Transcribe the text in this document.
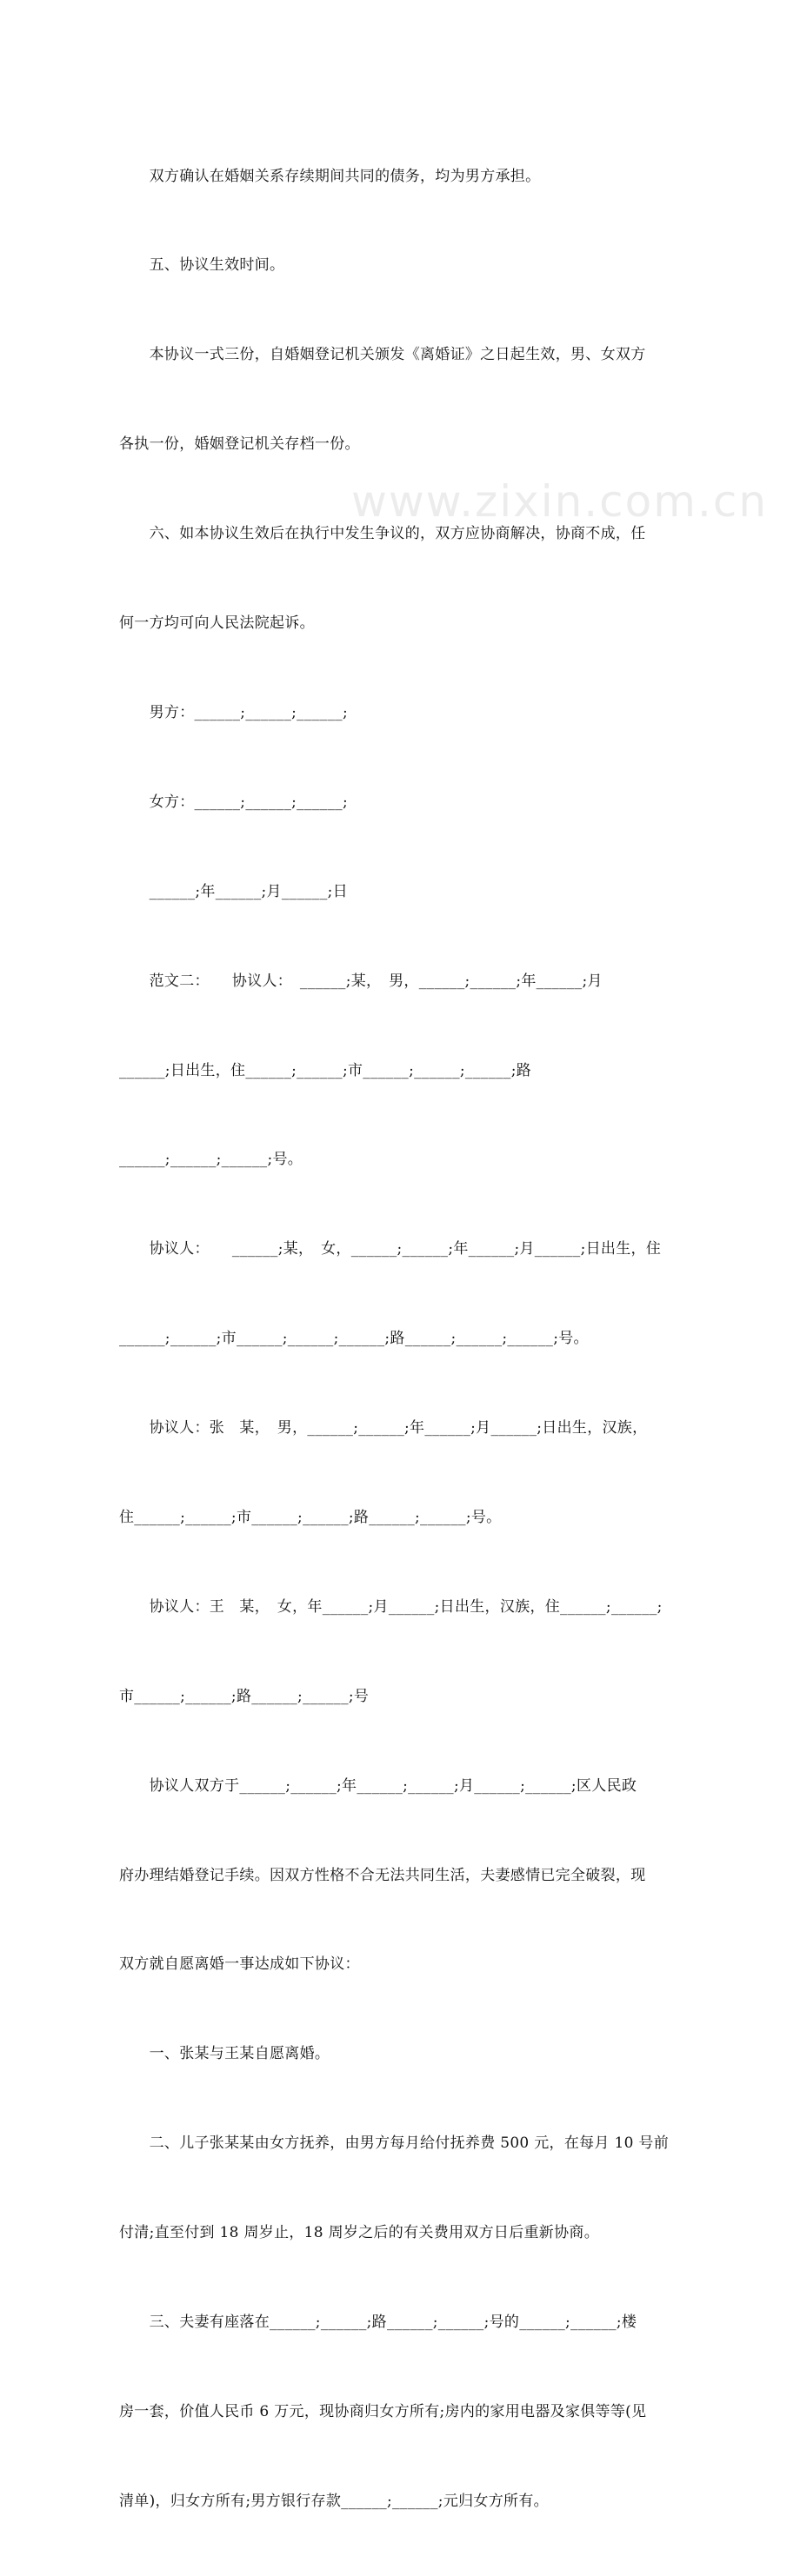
　　双方确认在婚姻关系存续期间共同的债务，均为男方承担。

　　五、协议生效时间。

　　本协议一式三份，自婚姻登记机关颁发《离婚证》之日起生效，男、女双方

各执一份，婚姻登记机关存档一份。

　　六、如本协议生效后在执行中发生争议的，双方应协商解决，协商不成，任

何一方均可向人民法院起诉。

　　男方：______;______;______;

　　女方：______;______;______;

　　______;年______;月______;日

　　范文二：　　协议人：　______;某，　男，______;______;年______;月

______;日出生，住______;______;市______;______;______;路

______;______;______;号。

　　协议人：　　______;某，　女，______;______;年______;月______;日出生，住

______;______;市______;______;______;路______;______;______;号。

　　协议人：张　某，　男，______;______;年______;月______;日出生，汉族，

住______;______;市______;______;路______;______;号。

　　协议人：王　某，　女，年______;月______;日出生，汉族，住______;______;

市______;______;路______;______;号

　　协议人双方于______;______;年______;______;月______;______;区人民政

府办理结婚登记手续。因双方性格不合无法共同生活，夫妻感情已完全破裂，现

双方就自愿离婚一事达成如下协议：

　　一、张某与王某自愿离婚。

　　二、儿子张某某由女方抚养，由男方每月给付抚养费 500 元，在每月 10 号前

付清;直至付到 18 周岁止，18 周岁之后的有关费用双方日后重新协商。

　　三、夫妻有座落在______;______;路______;______;号的______;______;楼

房一套，价值人民币 6 万元，现协商归女方所有;房内的家用电器及家俱等等(见

清单)，归女方所有;男方银行存款______;______;元归女方所有。

www.zixin.com.cn
